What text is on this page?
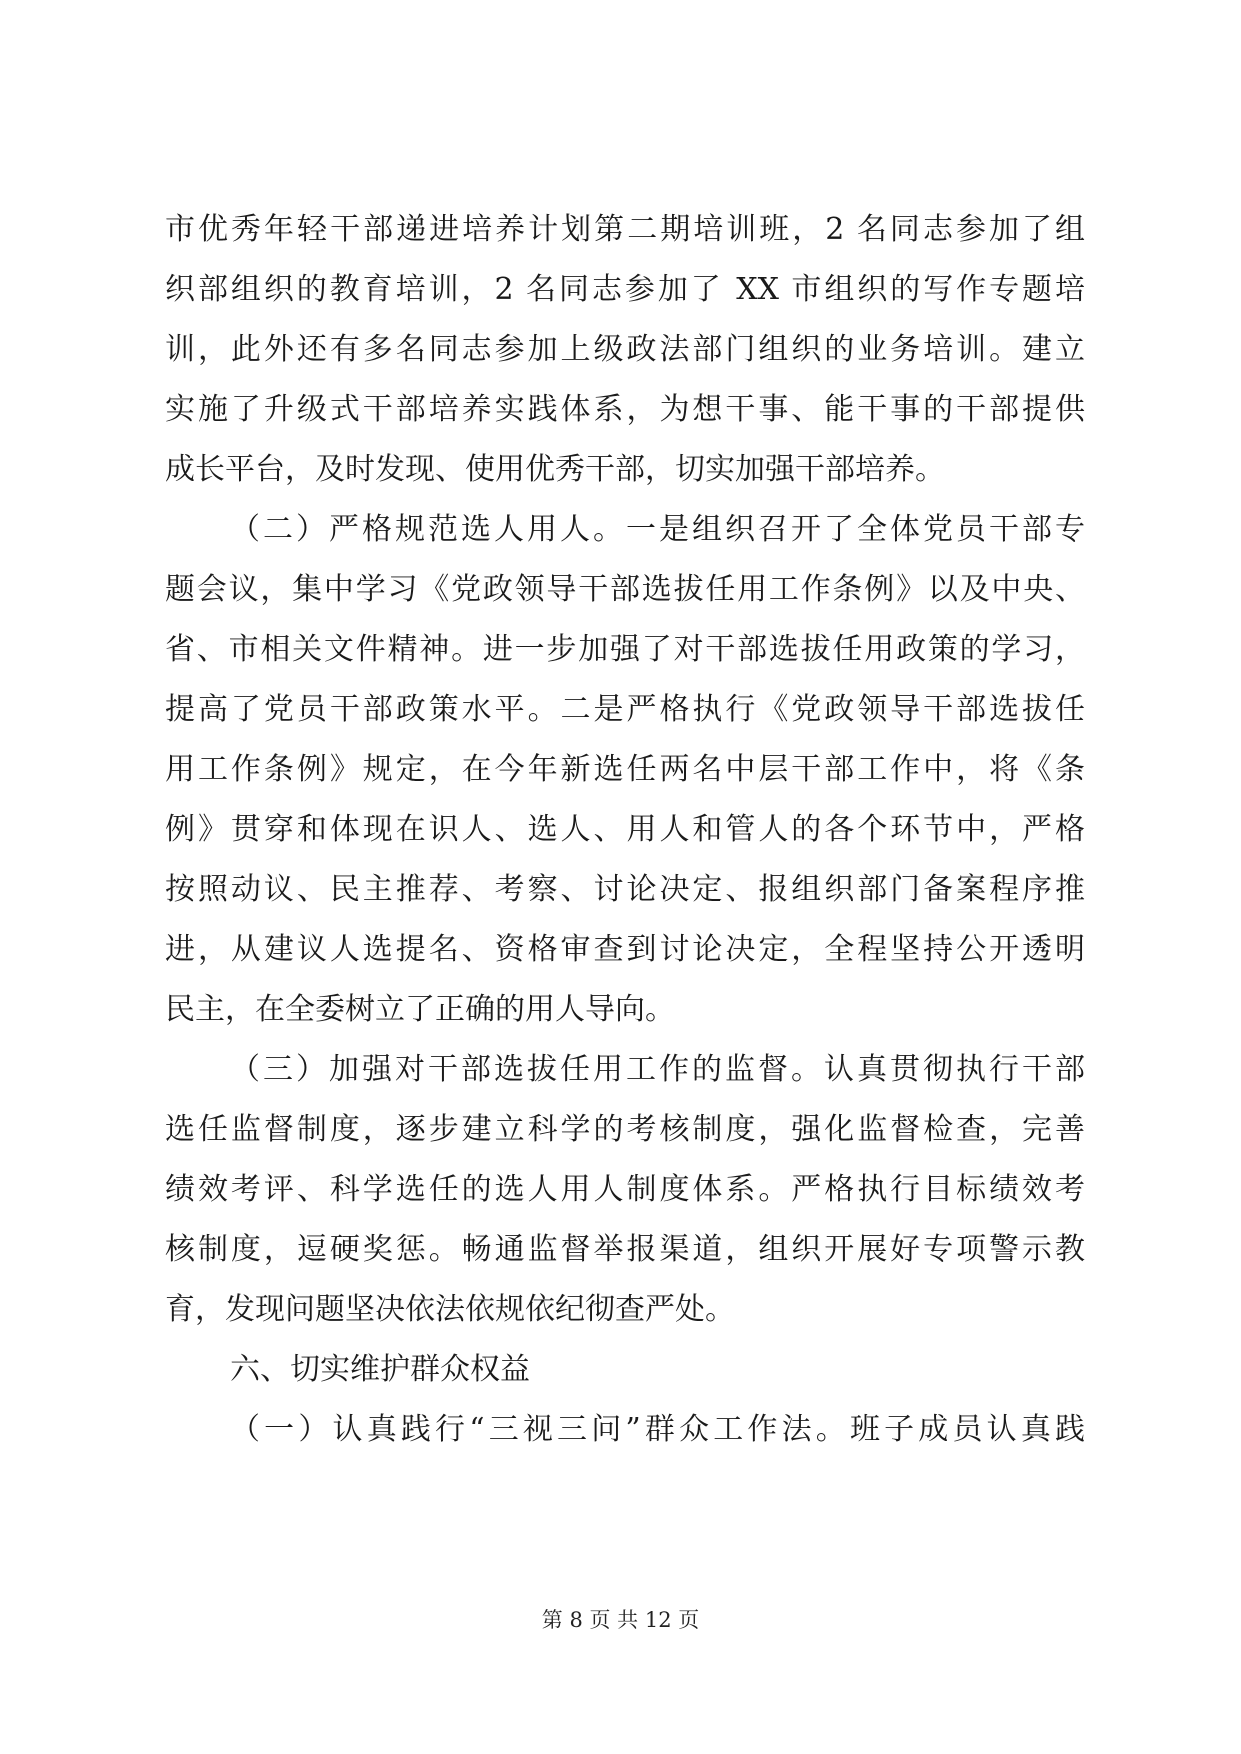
市优秀年轻干部递进培养计划第二期培训班，2 名同志参加了组
织部组织的教育培训，2 名同志参加了 XX 市组织的写作专题培
训，此外还有多名同志参加上级政法部门组织的业务培训。建立
实施了升级式干部培养实践体系，为想干事、能干事的干部提供
成长平台，及时发现、使用优秀干部，切实加强干部培养。
（二）严格规范选人用人。一是组织召开了全体党员干部专
题会议，集中学习《党政领导干部选拔任用工作条例》以及中央、
省、市相关文件精神。进一步加强了对干部选拔任用政策的学习，
提高了党员干部政策水平。二是严格执行《党政领导干部选拔任
用工作条例》规定，在今年新选任两名中层干部工作中，将《条
例》贯穿和体现在识人、选人、用人和管人的各个环节中，严格
按照动议、民主推荐、考察、讨论决定、报组织部门备案程序推
进，从建议人选提名、资格审查到讨论决定，全程坚持公开透明
民主，在全委树立了正确的用人导向。
（三）加强对干部选拔任用工作的监督。认真贯彻执行干部
选任监督制度，逐步建立科学的考核制度，强化监督检查，完善
绩效考评、科学选任的选人用人制度体系。严格执行目标绩效考
核制度，逗硬奖惩。畅通监督举报渠道，组织开展好专项警示教
育，发现问题坚决依法依规依纪彻查严处。
六、切实维护群众权益
（一）认真践行“三视三问”群众工作法。班子成员认真践
第 8 页 共 12 页
